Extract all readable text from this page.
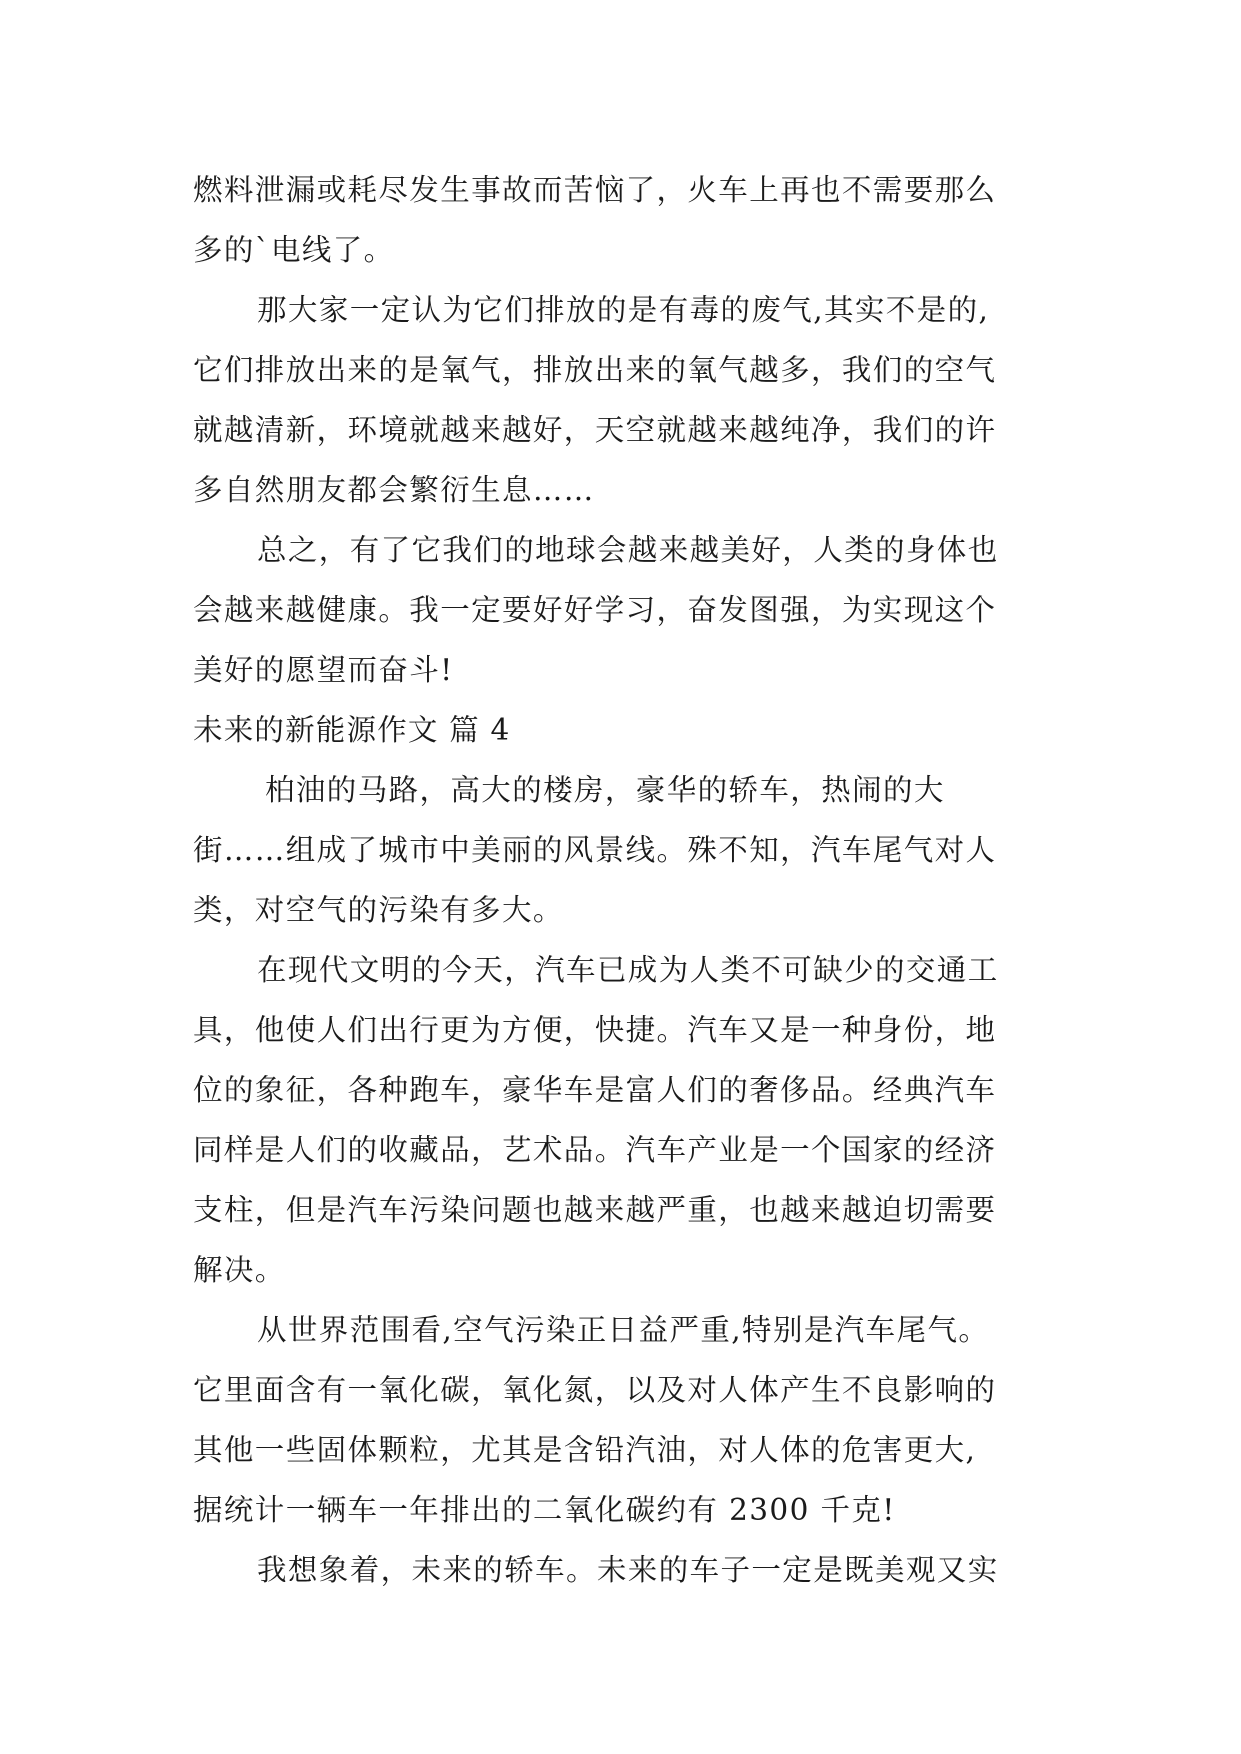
燃料泄漏或耗尽发生事故而苦恼了，火车上再也不需要那么
多的`电线了。
那大家一定认为它们排放的是有毒的废气,其实不是的,
它们排放出来的是氧气，排放出来的氧气越多，我们的空气
就越清新，环境就越来越好，天空就越来越纯净，我们的许
多自然朋友都会繁衍生息……
总之，有了它我们的地球会越来越美好，人类的身体也
会越来越健康。我一定要好好学习，奋发图强，为实现这个
美好的愿望而奋斗!
未来的新能源作文 篇 4
柏油的马路，高大的楼房，豪华的轿车，热闹的大
街……组成了城市中美丽的风景线。殊不知，汽车尾气对人
类，对空气的污染有多大。
在现代文明的今天，汽车已成为人类不可缺少的交通工
具，他使人们出行更为方便，快捷。汽车又是一种身份，地
位的象征，各种跑车，豪华车是富人们的奢侈品。经典汽车
同样是人们的收藏品，艺术品。汽车产业是一个国家的经济
支柱，但是汽车污染问题也越来越严重，也越来越迫切需要
解决。
从世界范围看,空气污染正日益严重,特别是汽车尾气。
它里面含有一氧化碳，氧化氮，以及对人体产生不良影响的
其他一些固体颗粒，尤其是含铅汽油，对人体的危害更大,
据统计一辆车一年排出的二氧化碳约有 2300 千克!
我想象着，未来的轿车。未来的车子一定是既美观又实
